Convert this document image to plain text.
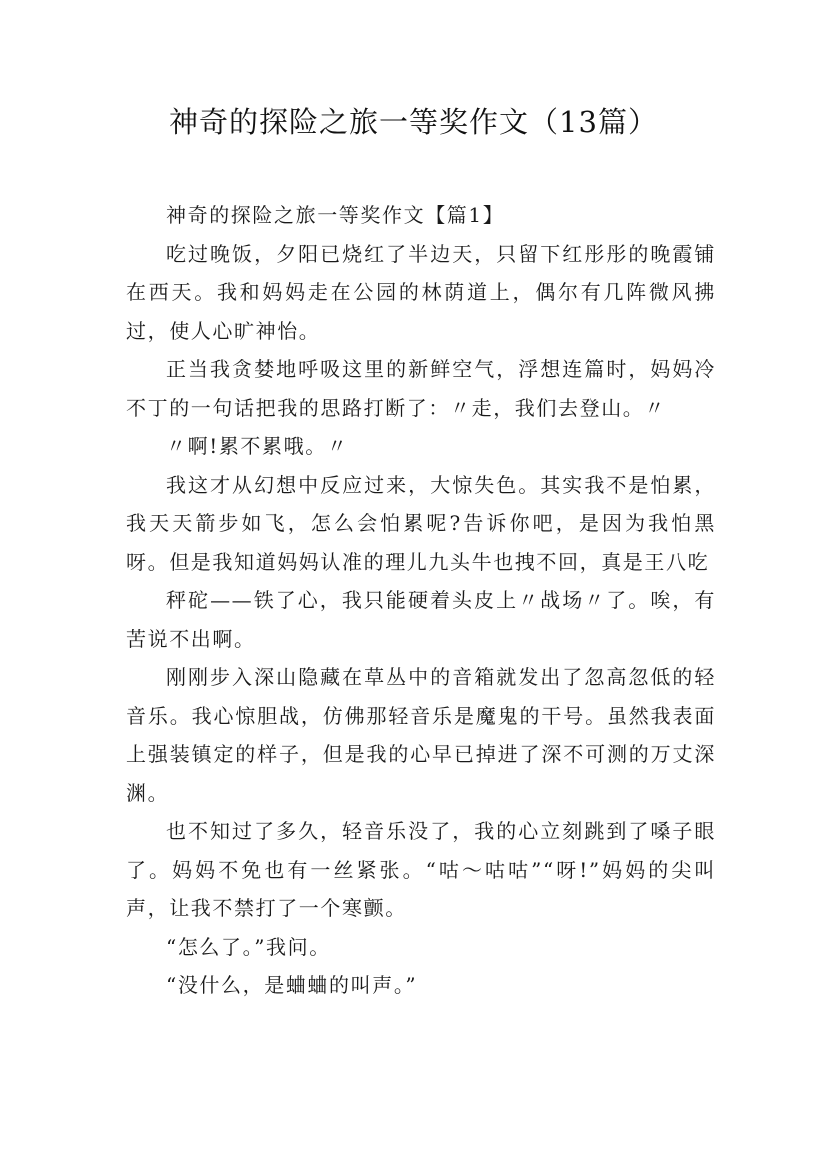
神奇的探险之旅一等奖作文（13篇）

神奇的探险之旅一等奖作文【篇1】

吃过晚饭，夕阳已烧红了半边天，只留下红彤彤的晚霞铺在西天。我和妈妈走在公园的林荫道上，偶尔有几阵微风拂过，使人心旷神怡。

正当我贪婪地呼吸这里的新鲜空气，浮想连篇时，妈妈冷不丁的一句话把我的思路打断了：〃走，我们去登山。〃

〃啊!累不累哦。〃

我这才从幻想中反应过来，大惊失色。其实我不是怕累，我天天箭步如飞，怎么会怕累呢?告诉你吧，是因为我怕黑呀。但是我知道妈妈认准的理儿九头牛也拽不回，真是王八吃

秤砣——铁了心，我只能硬着头皮上〃战场〃了。唉，有苦说不出啊。

刚刚步入深山隐藏在草丛中的音箱就发出了忽高忽低的轻音乐。我心惊胆战，仿佛那轻音乐是魔鬼的干号。虽然我表面上强装镇定的样子，但是我的心早已掉进了深不可测的万丈深渊。

也不知过了多久，轻音乐没了，我的心立刻跳到了嗓子眼了。妈妈不免也有一丝紧张。“咕～咕咕”“呀!”妈妈的尖叫声，让我不禁打了一个寒颤。

“怎么了。”我问。

“没什么，是蛐蛐的叫声。”
